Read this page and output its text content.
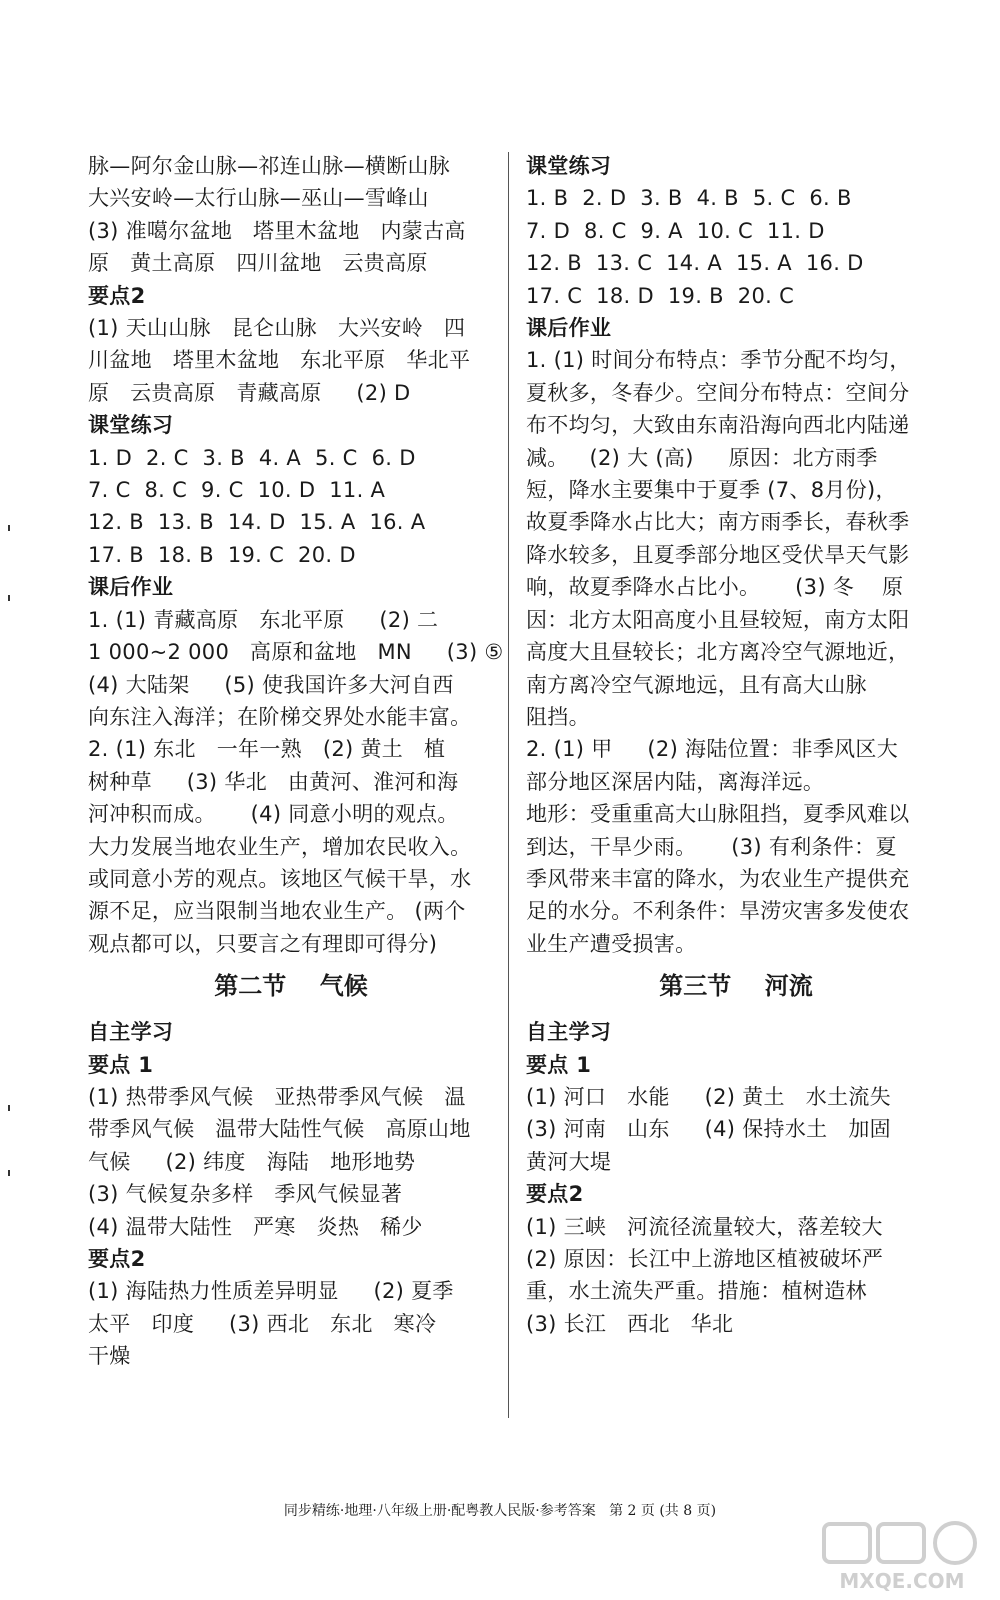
脉—阿尔金山脉—祁连山脉—横断山脉
大兴安岭—太行山脉—巫山—雪峰山
(3) 准噶尔盆地   塔里木盆地   内蒙古高
原   黄土高原   四川盆地   云贵高原
要点2
(1) 天山山脉   昆仑山脉   大兴安岭   四
川盆地   塔里木盆地   东北平原   华北平
原   云贵高原   青藏高原     (2) D
课堂练习
1. D  2. C  3. B  4. A  5. C  6. D
7. C  8. C  9. C  10. D  11. A
12. B  13. B  14. D  15. A  16. A
17. B  18. B  19. C  20. D
课后作业
1. (1) 青藏高原   东北平原     (2) 二
1 000~2 000   高原和盆地   MN     (3) ⑤
(4) 大陆架     (5) 使我国许多大河自西
向东注入海洋；在阶梯交界处水能丰富。
2. (1) 东北   一年一熟   (2) 黄土   植
树种草     (3) 华北   由黄河、淮河和海
河冲积而成。     (4) 同意小明的观点。
大力发展当地农业生产，增加农民收入。
或同意小芳的观点。该地区气候干旱，水
源不足，应当限制当地农业生产。 (两个
观点都可以，只要言之有理即可得分)
第二节    气候
自主学习
要点 1
(1) 热带季风气候   亚热带季风气候   温
带季风气候   温带大陆性气候   高原山地
气候     (2) 纬度   海陆   地形地势
(3) 气候复杂多样   季风气候显著
(4) 温带大陆性   严寒   炎热   稀少
要点2
(1) 海陆热力性质差异明显     (2) 夏季
太平   印度     (3) 西北   东北   寒冷
干燥
课堂练习
1. B  2. D  3. B  4. B  5. C  6. B
7. D  8. C  9. A  10. C  11. D
12. B  13. C  14. A  15. A  16. D
17. C  18. D  19. B  20. C
课后作业
1. (1) 时间分布特点：季节分配不均匀，
夏秋多，冬春少。空间分布特点：空间分
布不均匀，大致由东南沿海向西北内陆递
减。   (2) 大 (高)     原因：北方雨季
短，降水主要集中于夏季 (7、8月份)，
故夏季降水占比大；南方雨季长，春秋季
降水较多，且夏季部分地区受伏旱天气影
响，故夏季降水占比小。     (3) 冬    原
因：北方太阳高度小且昼较短，南方太阳
高度大且昼较长；北方离冷空气源地近，
南方离冷空气源地远，且有高大山脉
阻挡。
2. (1) 甲     (2) 海陆位置：非季风区大
部分地区深居内陆，离海洋远。
地形：受重重高大山脉阻挡，夏季风难以
到达，干旱少雨。     (3) 有利条件：夏
季风带来丰富的降水，为农业生产提供充
足的水分。不利条件：旱涝灾害多发使农
业生产遭受损害。
第三节    河流
自主学习
要点 1
(1) 河口   水能     (2) 黄土   水土流失
(3) 河南   山东     (4) 保持水土   加固
黄河大堤
要点2
(1) 三峡   河流径流量较大，落差较大
(2) 原因：长江中上游地区植被破坏严
重，水土流失严重。措施：植树造林
(3) 长江   西北   华北
同步精练·地理·八年级上册·配粤教人民版·参考答案   第 2 页 (共 8 页)
MXQE.COM
